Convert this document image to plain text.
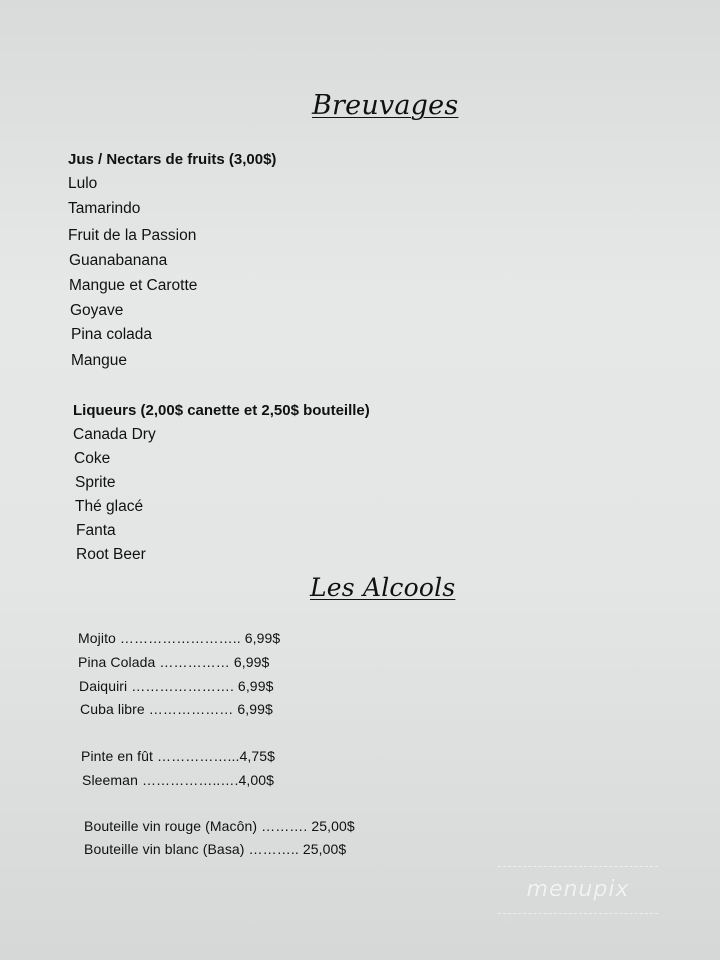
Breuvages
Jus / Nectars de fruits (3,00$)
Lulo
Tamarindo
Fruit de la Passion
Guanabanana
Mangue et Carotte
Goyave
Pina colada
Mangue
Liqueurs (2,00$ canette et 2,50$ bouteille)
Canada Dry
Coke
Sprite
Thé glacé
Fanta
Root Beer
Les Alcools
Mojito …………………….. 6,99$
Pina Colada …………… 6,99$
Daiquiri …………………. 6,99$
Cuba libre ……………… 6,99$
Pinte en fût ……………...4,75$
Sleeman ……………..….4,00$
Bouteille vin rouge (Macôn) ………. 25,00$
Bouteille vin blanc (Basa) ……….. 25,00$
menupix
